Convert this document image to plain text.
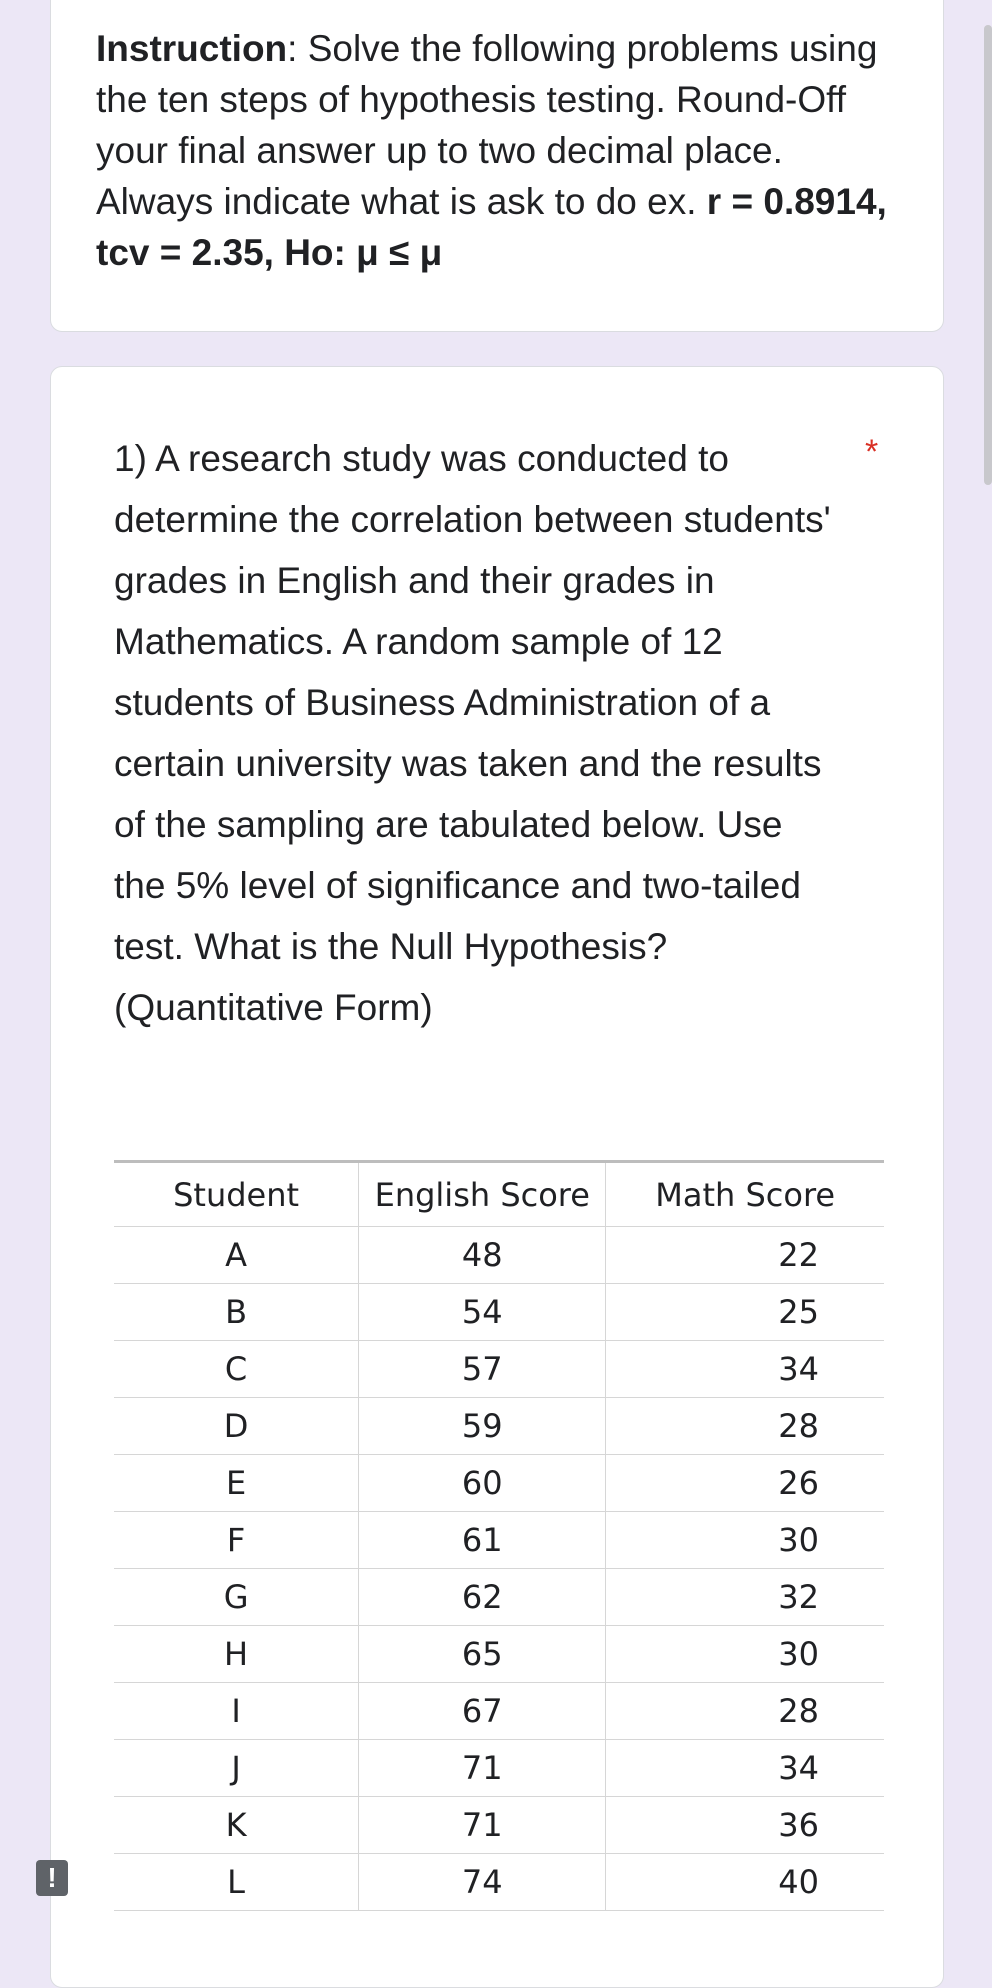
Instruction: Solve the following problems using the ten steps of hypothesis testing. Round-Off your final answer up to two decimal place. Always indicate what is ask to do ex. r = 0.8914, tcv = 2.35, Ho: μ ≤ μ
1) A research study was conducted to determine the correlation between students' grades in English and their grades in Mathematics. A random sample of 12 students of Business Administration of a certain university was taken and the results of the sampling are tabulated below. Use the 5% level of significance and two-tailed test. What is the Null Hypothesis? (Quantitative Form)
*
Student	English Score	Math Score
A	48	22
B	54	25
C	57	34
D	59	28
E	60	26
F	61	30
G	62	32
H	65	30
I	67	28
J	71	34
K	71	36
L	74	40
!
